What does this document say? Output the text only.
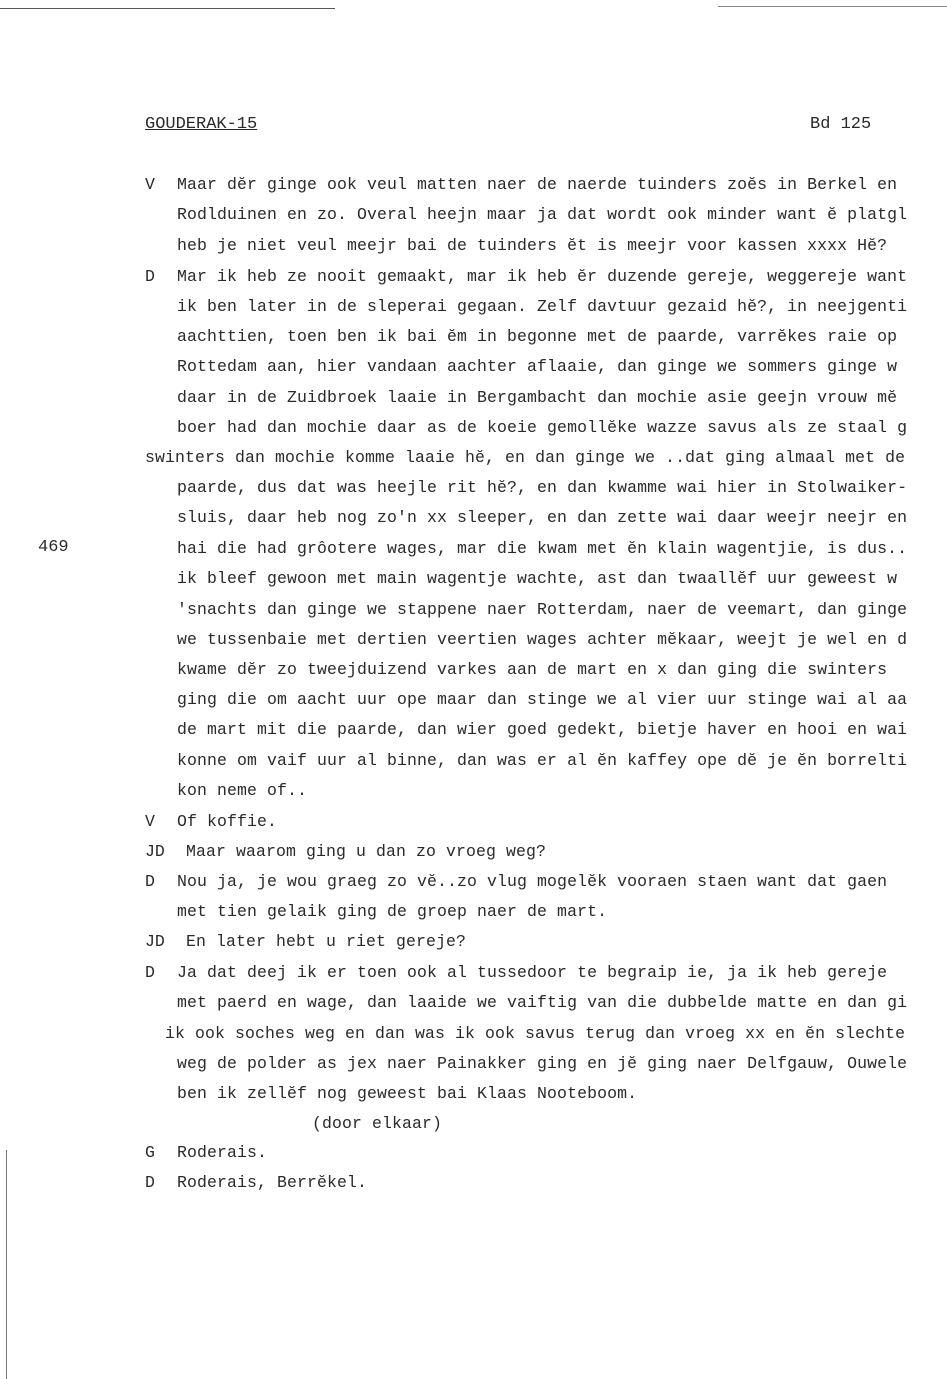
GOUDERAK-15	Bd 125
469
V Maar dĕr ginge ook veul matten naer de naerde tuinders zoĕs in Berkel en
Rodlduinen en zo. Overal heejn maar ja dat wordt ook minder want ĕ platgl
heb je niet veul meejr bai de tuinders ĕt is meejr voor kassen xxxx Hĕ?
D Mar ik heb ze nooit gemaakt, mar ik heb ĕr duzende gereje, weggereje want
ik ben later in de sleperai gegaan. Zelf davtuur gezaid hĕ?, in neejgenti
aachttien, toen ben ik bai ĕm in begonne met de paarde, varrĕkes raie op
Rottedam aan, hier vandaan aachter aflaaie, dan ginge we sommers ginge w
daar in de Zuidbroek laaie in Bergambacht dan mochie asie geejn vrouw mĕ
boer had dan mochie daar as de koeie gemollĕke wazze savus als ze staal g
swinters dan mochie komme laaie hĕ, en dan ginge we ..dat ging almaal met de
paarde, dus dat was heejle rit hĕ?, en dan kwamme wai hier in Stolwaiker-
sluis, daar heb nog zo'n xx sleeper, en dan zette wai daar weejr neejr en
hai die had grôotere wages, mar die kwam met ĕn klain wagentjie, is dus..
ik bleef gewoon met main wagentje wachte, ast dan twaallĕf uur geweest w
'snachts dan ginge we stappene naer Rotterdam, naer de veemart, dan ginge
we tussenbaie met dertien veertien wages achter mĕkaar, weejt je wel en d
kwame dĕr zo tweejduizend varkes aan de mart en x dan ging die swinters
ging die om aacht uur ope maar dan stinge we al vier uur stinge wai al aa
de mart mit die paarde, dan wier goed gedekt, bietje haver en hooi en wai
konne om vaif uur al binne, dan was er al ĕn kaffey ope dĕ je ĕn borrelti
kon neme of..
V Of koffie.
JD Maar waarom ging u dan zo vroeg weg?
D Nou ja, je wou graeg zo vĕ..zo vlug mogelĕk vooraen staen want dat gaen
met tien gelaik ging de groep naer de mart.
JD En later hebt u riet gereje?
D Ja dat deej ik er toen ook al tussedoor te begraip ie, ja ik heb gereje
met paerd en wage, dan laaide we vaiftig van die dubbelde matte en dan gi
ik ook soches weg en dan was ik ook savus terug dan vroeg xx en ĕn slechte
weg de polder as jex naer Painakker ging en jĕ ging naer Delfgauw, Ouwele
ben ik zellĕf nog geweest bai Klaas Nooteboom.
(door elkaar)
G Roderais.
D Roderais, Berrĕkel.
